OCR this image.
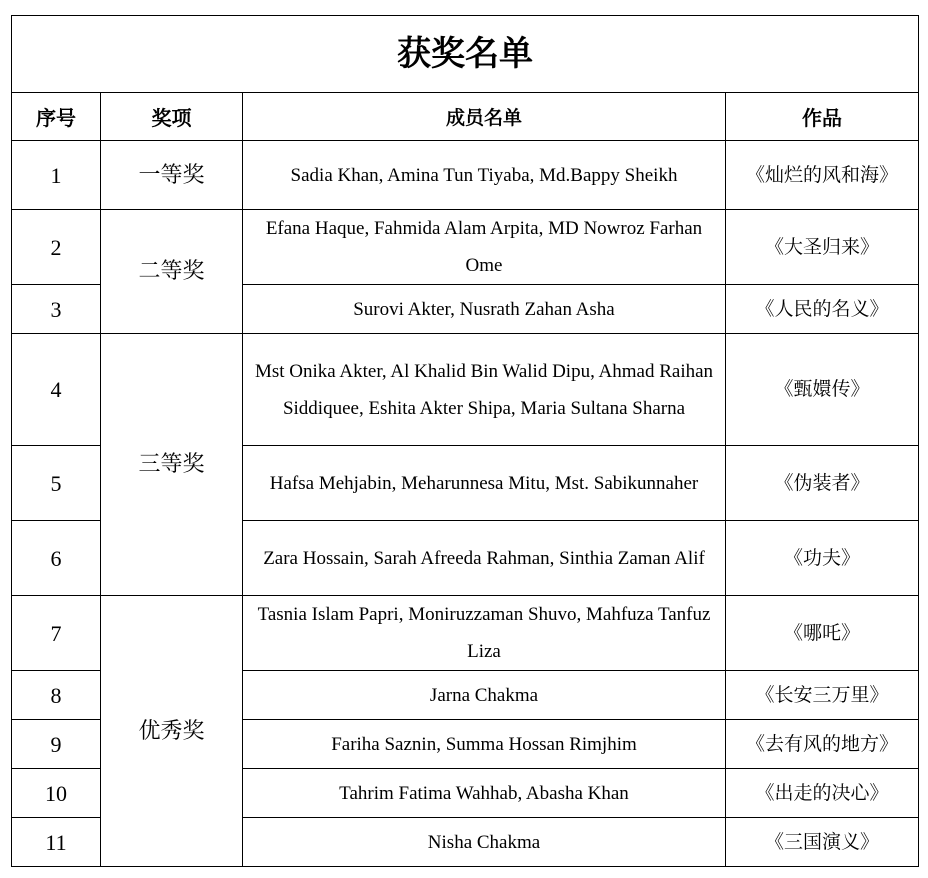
获奖名单			
序号	奖项	成员名单	作品
1	一等奖	Sadia Khan, Amina Tun Tiyaba, Md.Bappy Sheikh	《灿烂的风和海》
2	二等奖	Efana Haque, Fahmida Alam Arpita, MD Nowroz Farhan Ome	《大圣归来》
3		Surovi Akter, Nusrath Zahan Asha	《人民的名义》
4	三等奖	Mst Onika Akter, Al Khalid Bin Walid Dipu, Ahmad Raihan Siddiquee, Eshita Akter Shipa, Maria Sultana Sharna	《甄嬛传》
5		Hafsa Mehjabin, Meharunnesa Mitu, Mst. Sabikunnaher	《伪装者》
6		Zara Hossain, Sarah Afreeda Rahman, Sinthia Zaman Alif	《功夫》
7	优秀奖	Tasnia Islam Papri, Moniruzzaman Shuvo, Mahfuza Tanfuz Liza	《哪吒》
8		Jarna Chakma	《长安三万里》
9		Fariha Saznin, Summa Hossan Rimjhim	《去有风的地方》
10		Tahrim Fatima Wahhab, Abasha Khan	《出走的决心》
11		Nisha Chakma	《三国演义》
